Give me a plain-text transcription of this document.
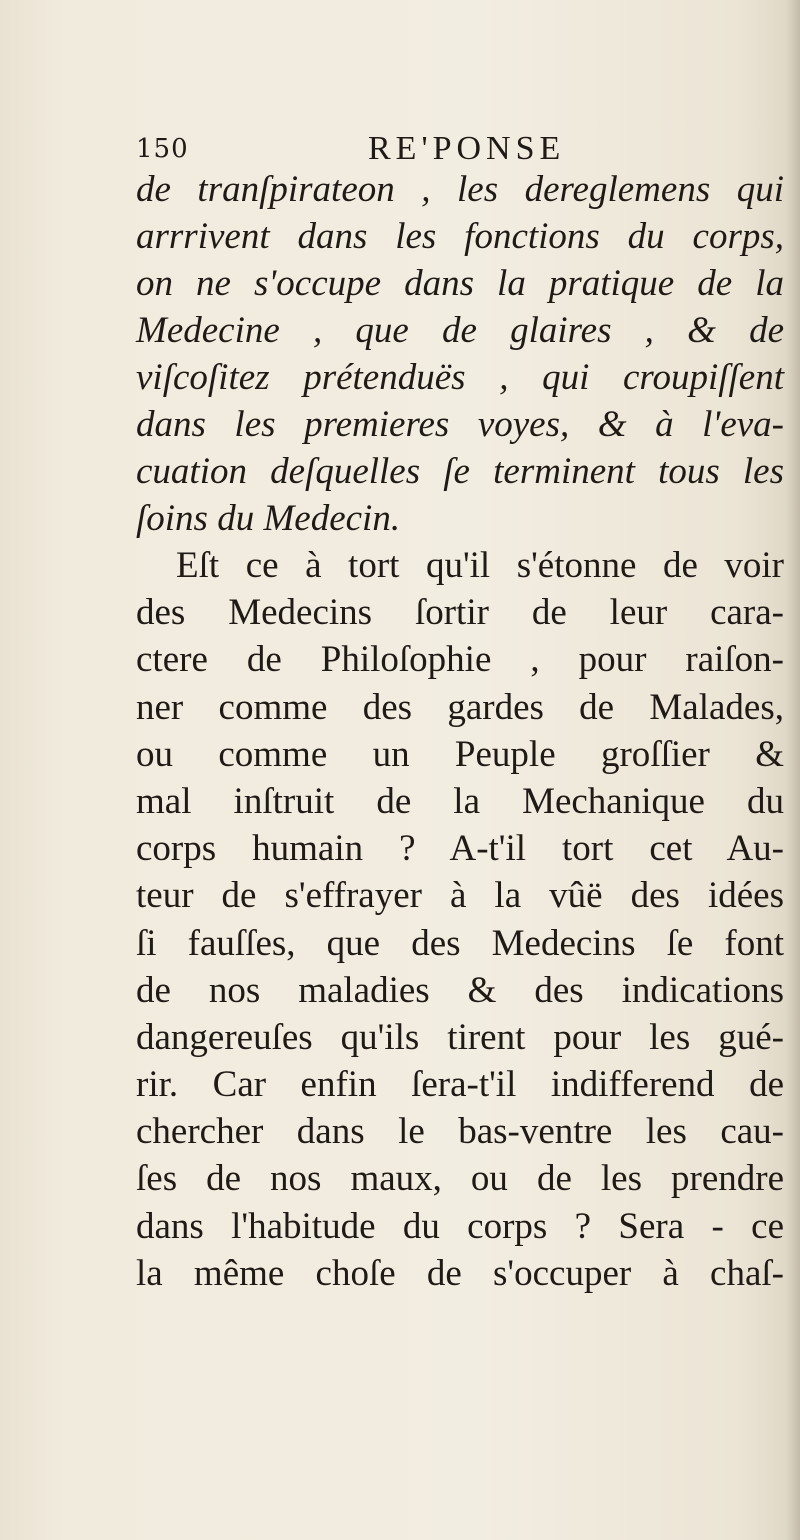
150	RE'PONSE
de tranſpirateon , les dereglemens qui
arrrivent dans les fonctions du corps,
on ne s'occupe dans la pratique de la
Medecine , que de glaires , & de
viſcoſitez prétenduës , qui croupiſſent
dans les premieres voyes, & à l'eva-
cuation deſquelles ſe terminent tous les
ſoins du Medecin.
Eſt ce à tort qu'il s'étonne de voir
des Medecins ſortir de leur cara-
ctere de Philoſophie , pour raiſon-
ner comme des gardes de Malades,
ou comme un Peuple groſſier &
mal inſtruit de la Mechanique du
corps humain ? A-t'il tort cet Au-
teur de s'effrayer à la vûë des idées
ſi fauſſes, que des Medecins ſe font
de nos maladies & des indications
dangereuſes qu'ils tirent pour les gué-
rir. Car enfin ſera-t'il indifferend de
chercher dans le bas-ventre les cau-
ſes de nos maux, ou de les prendre
dans l'habitude du corps ? Sera - ce
la même choſe de s'occuper à chaſ-
